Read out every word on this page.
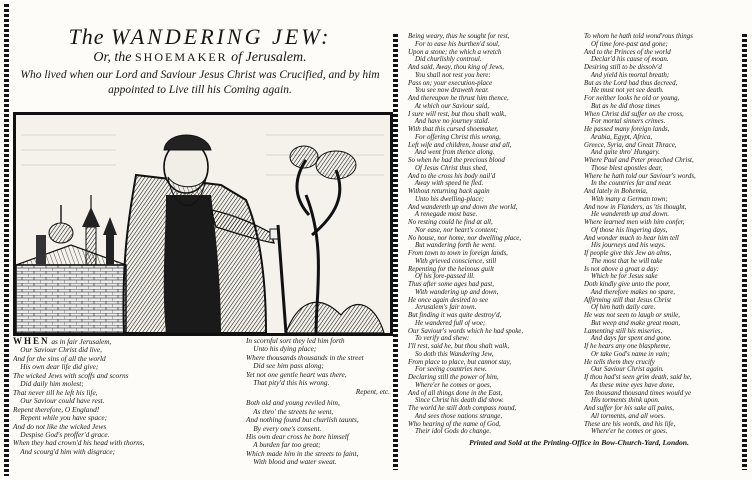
The WANDERING JEW:
Or, the SHOEMAKER of Jerusalem.
Who lived when our Lord and Saviour Jesus Christ was Crucified, and by him appointed to Live till his Coming again.
WHEN as in fair Jerusalem,
Our Saviour Christ did live,
And for the sins of all the world
His own dear life did give;
The wicked Jews with scoffs and scorns
Did daily him molest;
That never till he left his life,
Our Saviour could have rest.
Repent therefore, O England!
Repent while you have space;
And do not like the wicked Jews
Despise God's proffer'd grace.
When they had crown'd his head with thorns,
And scourg'd him with disgrace;
In scornful sort they led him forth
Unto his dying place;
Where thousands thousands in the street
Did see him pass along;
Yet not one gentle heart was there,
That pity'd this his wrong.
Repent, etc.
Both old and young reviled him,
As thro' the streets he went,
And nothing found but churlish taunts,
By every one's consent.
His own dear cross he bore himself
A burden far too great;
Which made him in the streets to faint,
With blood and water sweat.
Being weary, thus he sought for rest,
For to ease his burthen'd soul,
Upon a stone; the which a wretch
Did churlishly controul.
And said, Away, thou king of Jews,
You shall not rest you here:
Pass on; your execution-place
You see now draweth near.
And thereupon he thrust him thence,
At which our Saviour said,
I sure will rest, but thou shalt walk,
And have no journey staid.
With that this cursed shoemaker,
For offering Christ this wrong,
Left wife and children, house and all,
And went from thence along.
So when he had the precious blood
Of Jesus Christ thus shed,
And to the cross his body nail'd
Away with speed he fled.
Without returning back again
Unto his dwelling-place;
And wandereth up and down the world,
A renegade most base.
No resting could he find at all,
Nor ease, nor heart's content;
No house, nor home, nor dwelling place,
But wandering forth he went.
From town to town in foreign lands,
With grieved conscience, still
Repenting for the heinous guilt
Of his fore-passed ill.
Thus after some ages had past,
With wandering up and down,
He once again desired to see
Jerusalem's fair town.
But finding it was quite destroy'd,
He wandered full of woe;
Our Saviour's words which he had spoke,
To verify and shew:
I'll rest, said he, but thou shalt walk,
So doth this Wandering Jew,
From place to place, but cannot stay,
For seeing countries new.
Declaring still the power of him,
Where'er he comes or goes,
And of all things done in the East,
Since Christ his death did show.
The world he still doth compass round,
And sees those nations strange,
Who hearing of the name of God,
Their idol Gods do change.
To whom he hath told wond'rous things
Of time fore-past and gone;
And to the Princes of the world
Declar'd his cause of moan.
Desiring still to be dissolv'd
And yield his mortal breath;
But as the Lord had thus decreed,
He must not yet see death.
For neither looks he old or young,
But as he did those times
When Christ did suffer on the cross,
For mortal sinners crimes.
He passed many foreign lands,
Arabia, Egypt, Africa,
Greece, Syria, and Great Thrace,
And quite thro' Hungary.
Where Paul and Peter preached Christ,
Those blest apostles dear,
Where he hath told our Saviour's words,
In the countries far and near.
And lately in Bohemia,
With many a German town;
And now in Flanders, as 'tis thought,
He wandereth up and down.
Where learned men with him confer,
Of those his lingering days,
And wonder much to hear him tell
His journeys and his ways.
If people give this Jew an alms,
The most that he will take
Is not above a groat a day:
Which he for Jesus sake
Doth kindly give unto the poor,
And therefore makes no spare,
Affirming still that Jesus Christ
Of him hath daily care.
He was not seen to laugh or smile,
But weep and make great moan,
Lamenting still his miseries,
And days far spent and gone.
If he hears any one blaspheme,
Or take God's name in vain;
He tells them they crucify
Our Saviour Christ again.
If thou had'st seen grim death, said he,
As these mine eyes have done,
Ten thousand thousand times would ye
His torments think upon.
And suffer for his sake all pains,
All torments, and all woes.
These are his words, and his life,
Where'er he comes or goes.
Printed and Sold at the Printing-Office in Bow-Church-Yard, London.
